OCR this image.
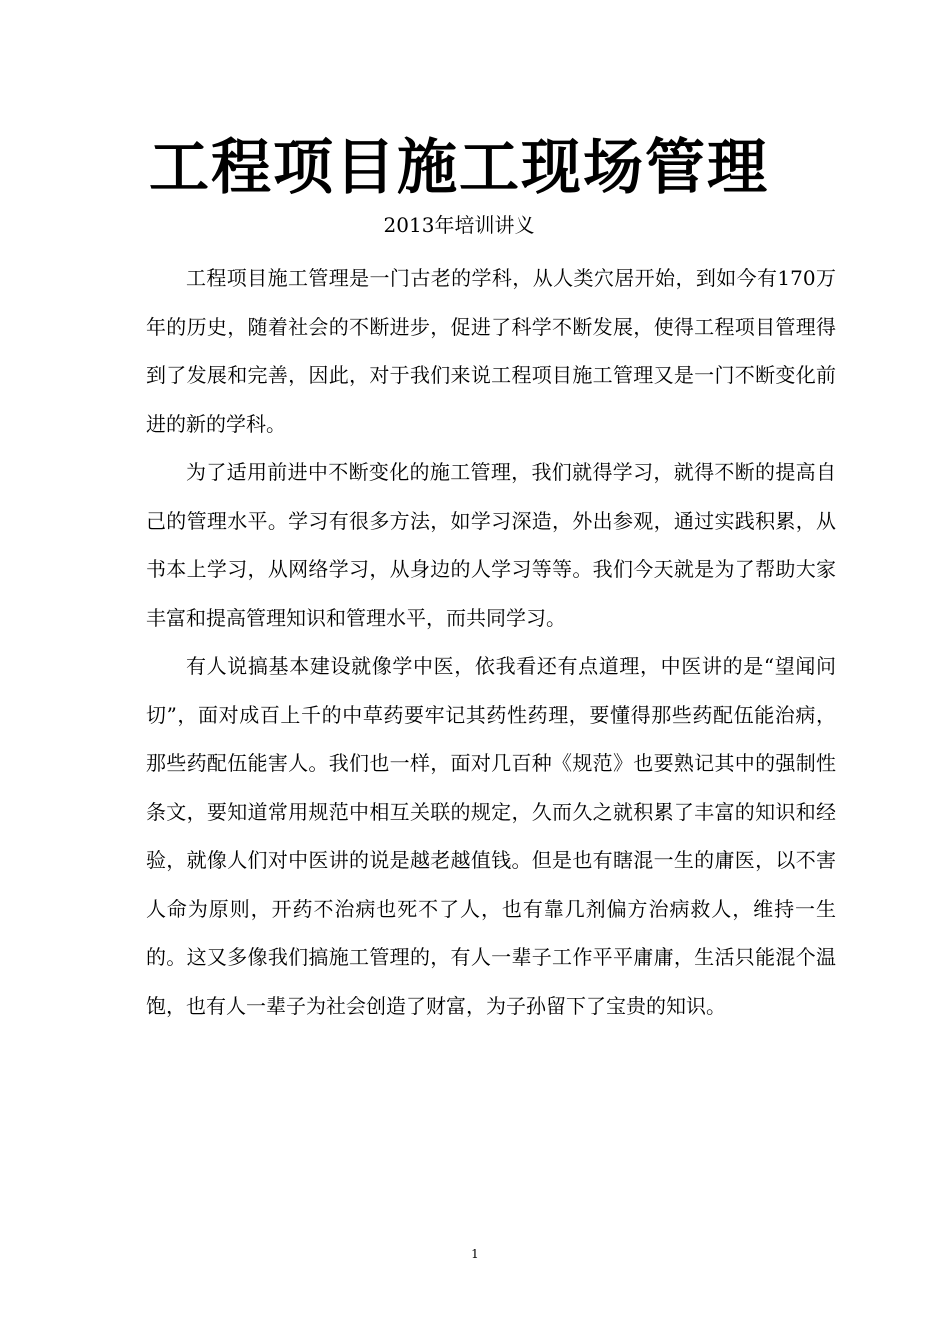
工程项目施工现场管理
2013年培训讲义

工程项目施工管理是一门古老的学科，从人类穴居开始，到如今有170万年的历史，随着社会的不断进步，促进了科学不断发展，使得工程项目管理得到了发展和完善，因此，对于我们来说工程项目施工管理又是一门不断变化前进的新的学科。

为了适用前进中不断变化的施工管理，我们就得学习，就得不断的提高自己的管理水平。学习有很多方法，如学习深造，外出参观，通过实践积累，从书本上学习，从网络学习，从身边的人学习等等。我们今天就是为了帮助大家丰富和提高管理知识和管理水平，而共同学习。

有人说搞基本建设就像学中医，依我看还有点道理，中医讲的是“望闻问切”，面对成百上千的中草药要牢记其药性药理，要懂得那些药配伍能治病，那些药配伍能害人。我们也一样，面对几百种《规范》也要熟记其中的强制性条文，要知道常用规范中相互关联的规定，久而久之就积累了丰富的知识和经验，就像人们对中医讲的说是越老越值钱。但是也有瞎混一生的庸医，以不害人命为原则，开药不治病也死不了人，也有靠几剂偏方治病救人，维持一生的。这又多像我们搞施工管理的，有人一辈子工作平平庸庸，生活只能混个温饱，也有人一辈子为社会创造了财富，为子孙留下了宝贵的知识。

1
